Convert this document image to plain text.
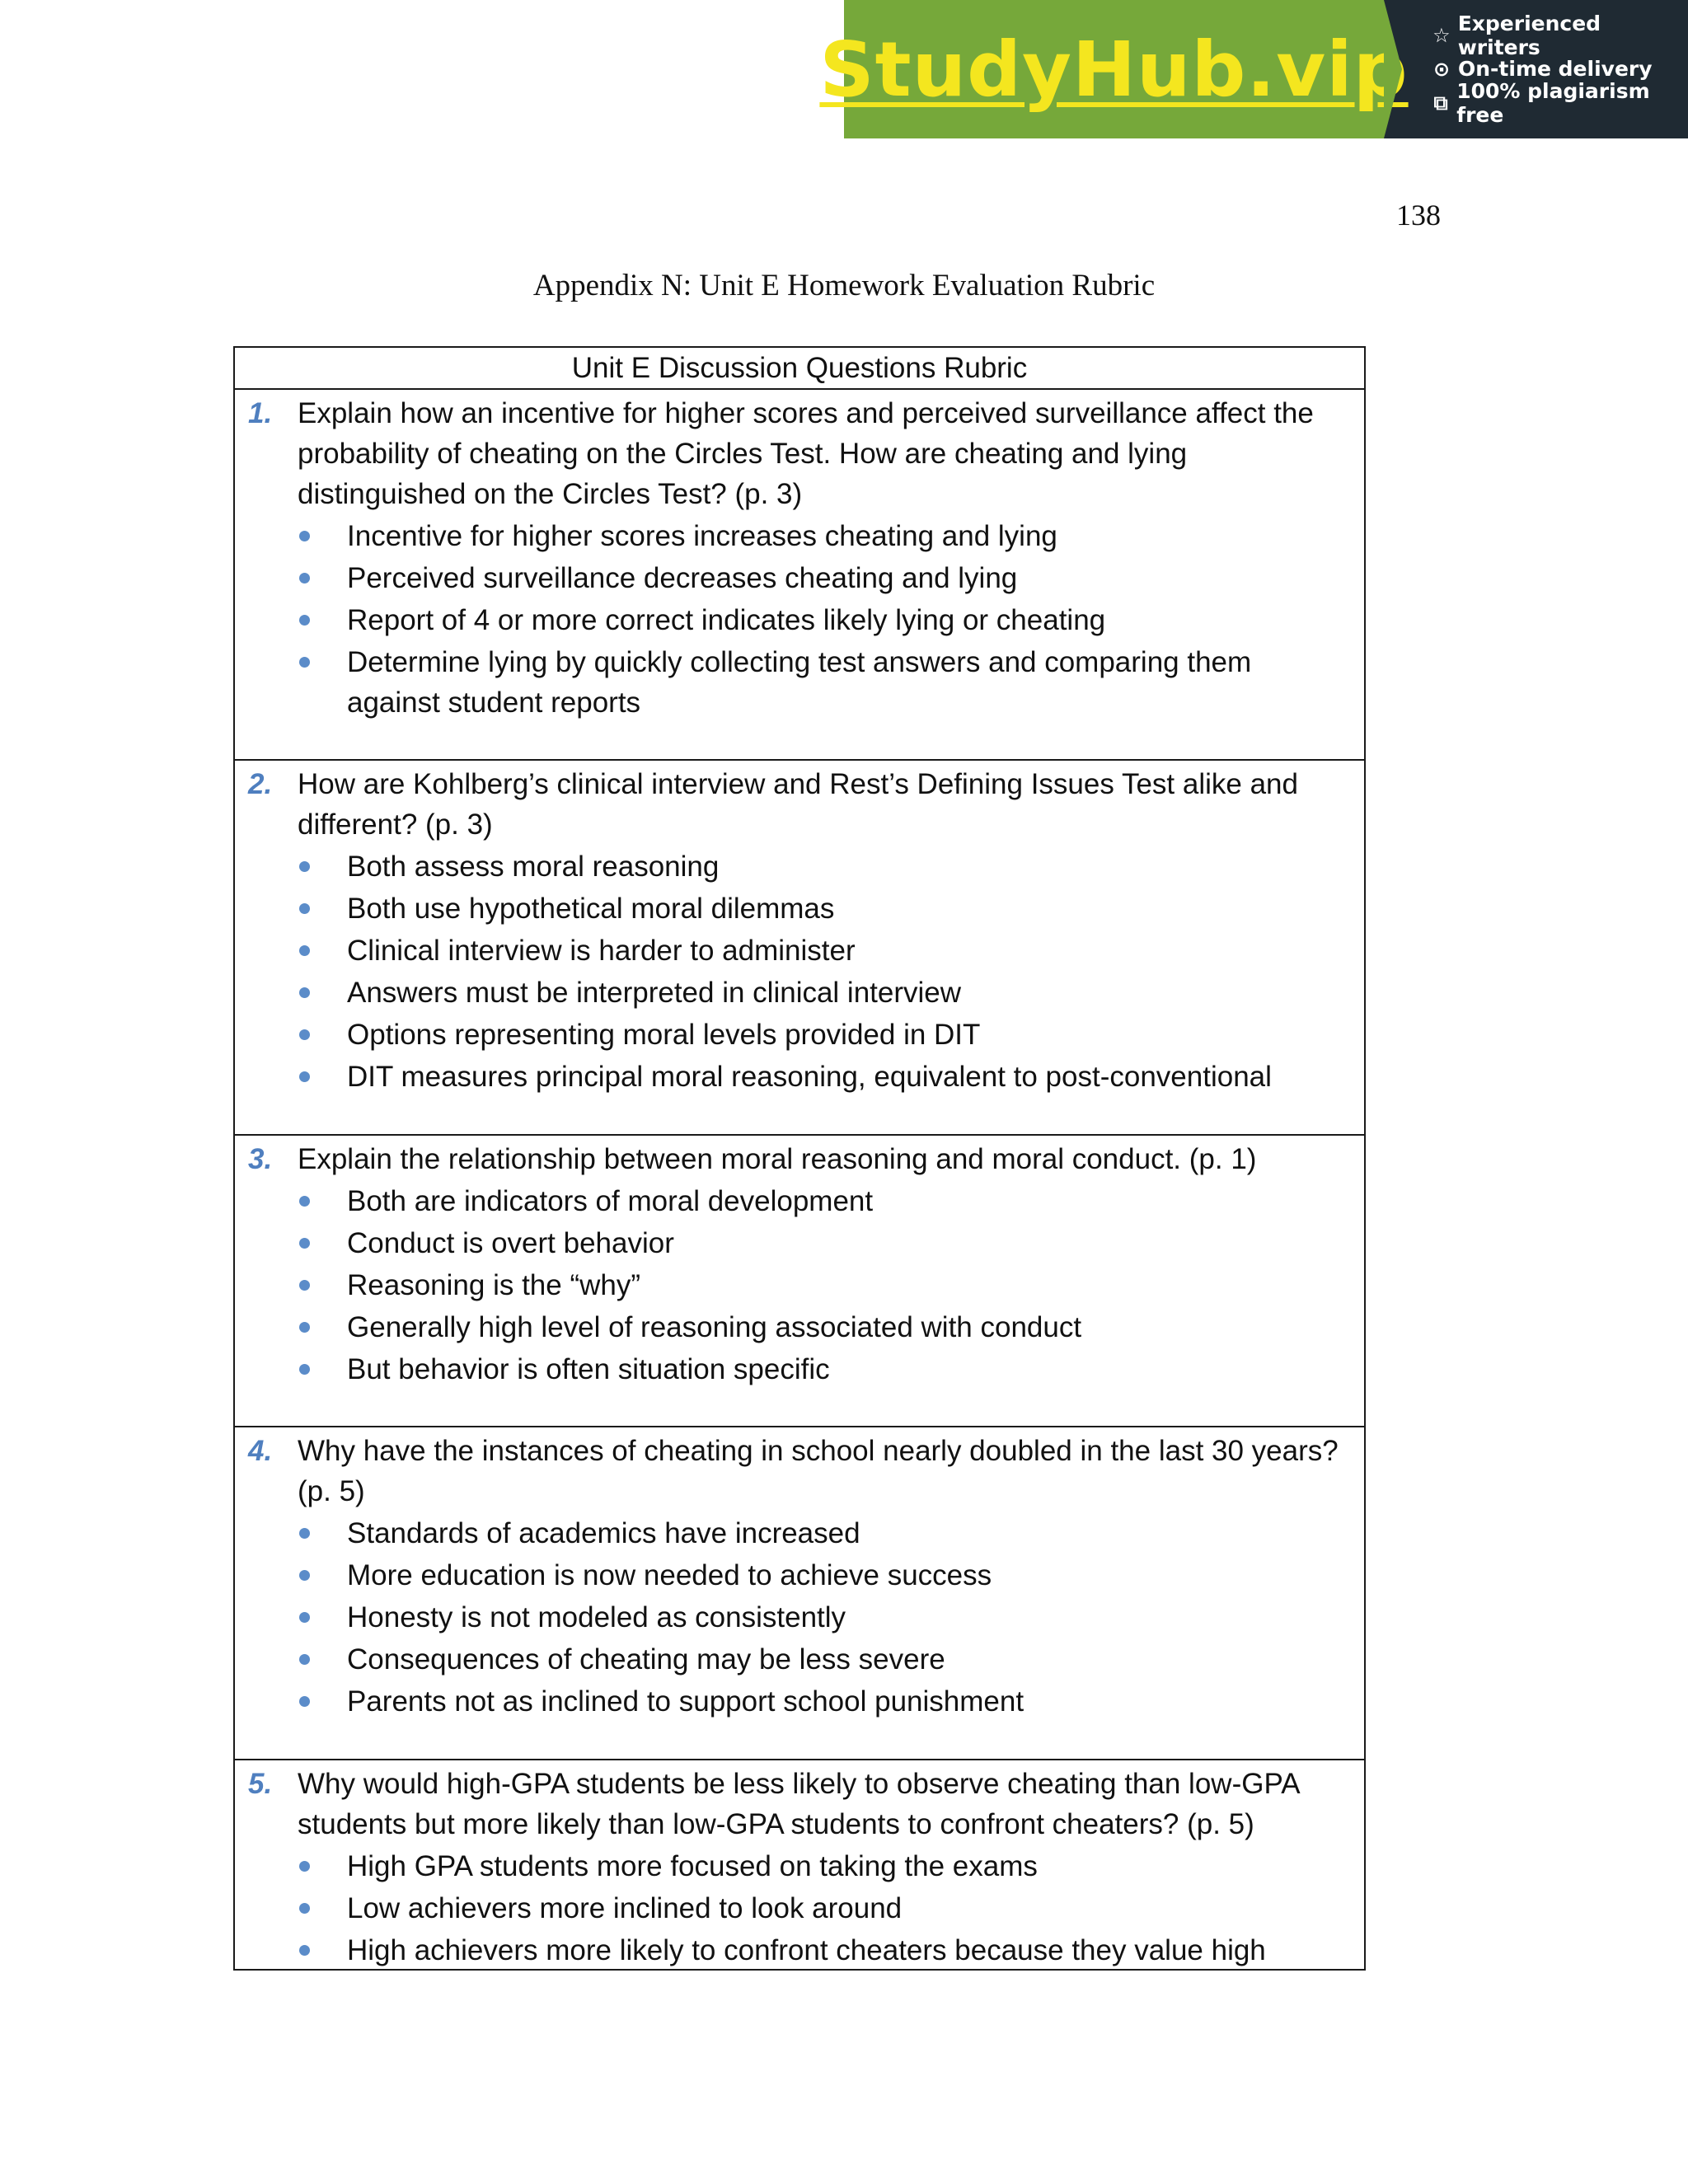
StudyHub.vip ☆ Experienced writers
⊙ On-time delivery
⧉ 100% plagiarism free
138
Appendix N: Unit E Homework Evaluation Rubric
Unit E Discussion Questions Rubric
1. Explain how an incentive for higher scores and perceived surveillance affect the probability of cheating on the Circles Test. How are cheating and lying distinguished on the Circles Test? (p. 3)
Incentive for higher scores increases cheating and lying
Perceived surveillance decreases cheating and lying
Report of 4 or more correct indicates likely lying or cheating
Determine lying by quickly collecting test answers and comparing them against student reports
2. How are Kohlberg’s clinical interview and Rest’s Defining Issues Test alike and different? (p. 3)
Both assess moral reasoning
Both use hypothetical moral dilemmas
Clinical interview is harder to administer
Answers must be interpreted in clinical interview
Options representing moral levels provided in DIT
DIT measures principal moral reasoning, equivalent to post-conventional
3. Explain the relationship between moral reasoning and moral conduct. (p. 1)
Both are indicators of moral development
Conduct is overt behavior
Reasoning is the “why”
Generally high level of reasoning associated with conduct
But behavior is often situation specific
4. Why have the instances of cheating in school nearly doubled in the last 30 years? (p. 5)
Standards of academics have increased
More education is now needed to achieve success
Honesty is not modeled as consistently
Consequences of cheating may be less severe
Parents not as inclined to support school punishment
5. Why would high-GPA students be less likely to observe cheating than low-GPA students but more likely than low-GPA students to confront cheaters? (p. 5)
High GPA students more focused on taking the exams
Low achievers more inclined to look around
High achievers more likely to confront cheaters because they value high
